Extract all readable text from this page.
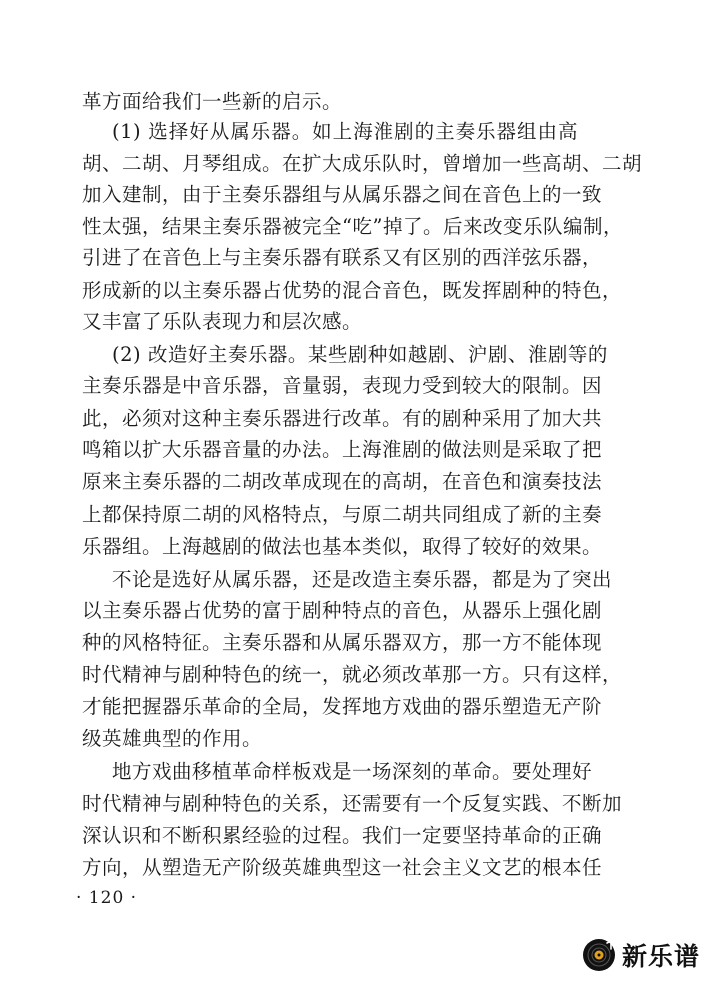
革方面给我们一些新的启示。
(1) 选择好从属乐器。如上海淮剧的主奏乐器组由高
胡、二胡、月琴组成。在扩大成乐队时，曾增加一些高胡、二胡
加入建制，由于主奏乐器组与从属乐器之间在音色上的一致
性太强，结果主奏乐器被完全“吃”掉了。后来改变乐队编制，
引进了在音色上与主奏乐器有联系又有区别的西洋弦乐器，
形成新的以主奏乐器占优势的混合音色，既发挥剧种的特色，
又丰富了乐队表现力和层次感。
(2) 改造好主奏乐器。某些剧种如越剧、沪剧、淮剧等的
主奏乐器是中音乐器，音量弱，表现力受到较大的限制。因
此，必须对这种主奏乐器进行改革。有的剧种采用了加大共
鸣箱以扩大乐器音量的办法。上海淮剧的做法则是采取了把
原来主奏乐器的二胡改革成现在的高胡，在音色和演奏技法
上都保持原二胡的风格特点，与原二胡共同组成了新的主奏
乐器组。上海越剧的做法也基本类似，取得了较好的效果。
不论是选好从属乐器，还是改造主奏乐器，都是为了突出
以主奏乐器占优势的富于剧种特点的音色，从器乐上强化剧
种的风格特征。主奏乐器和从属乐器双方，那一方不能体现
时代精神与剧种特色的统一，就必须改革那一方。只有这样，
才能把握器乐革命的全局，发挥地方戏曲的器乐塑造无产阶
级英雄典型的作用。
地方戏曲移植革命样板戏是一场深刻的革命。要处理好
时代精神与剧种特色的关系，还需要有一个反复实践、不断加
深认识和不断积累经验的过程。我们一定要坚持革命的正确
方向，从塑造无产阶级英雄典型这一社会主义文艺的根本任
· 120 ·
新乐谱
